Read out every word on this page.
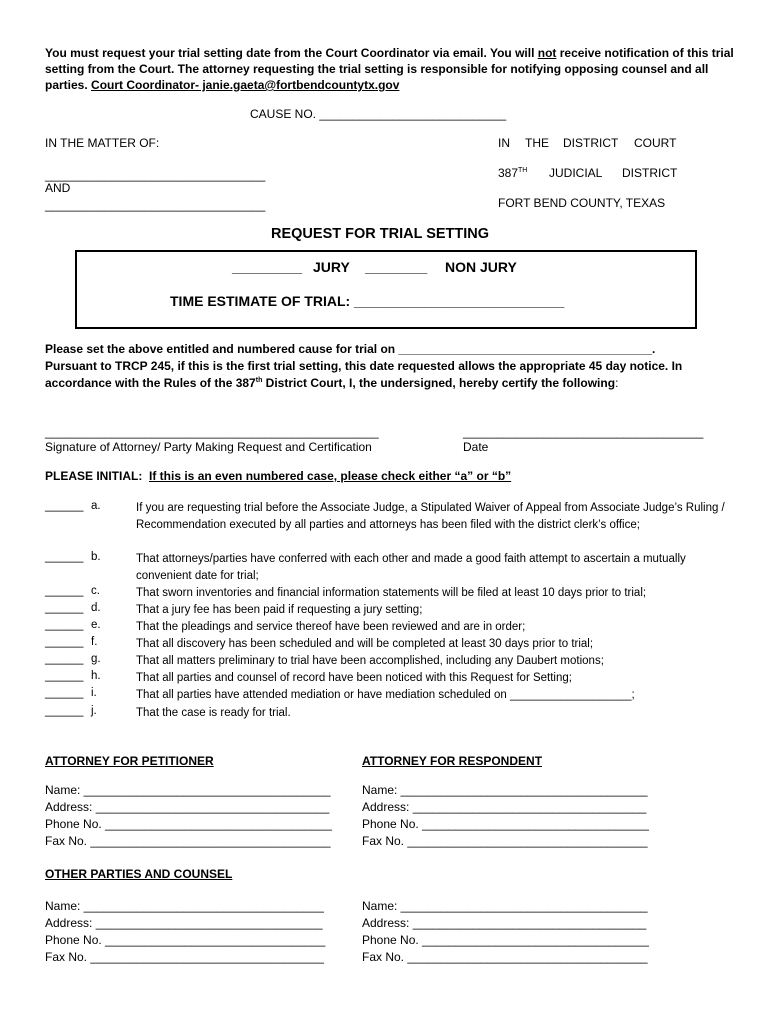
You must request your trial setting date from the Court Coordinator via email. You will not receive notification of this trial setting from the Court. The attorney requesting the trial setting is responsible for notifying opposing counsel and all parties. Court Coordinator- janie.gaeta@fortbendcountytx.gov
CAUSE NO. ____________________________
IN THE MATTER OF:
_________________________________
AND
_________________________________
IN THE DISTRICT COURT
387TH JUDICIAL DISTRICT
FORT BEND COUNTY, TEXAS
REQUEST FOR TRIAL SETTING
_________ JURY ________ NON JURY
TIME ESTIMATE OF TRIAL: ___________________________
Please set the above entitled and numbered cause for trial on ______________________________________.
Pursuant to TRCP 245, if this is the first trial setting, this date requested allows the appropriate 45 day notice. In
accordance with the Rules of the 387th District Court, I, the undersigned, hereby certify the following:
__________________________________________________
Signature of Attorney/ Party Making Request and Certification
____________________________________
Date
PLEASE INITIAL: If this is an even numbered case, please check either “a” or “b”
______ a.	If you are requesting trial before the Associate Judge, a Stipulated Waiver of Appeal from Associate Judge’s Ruling / Recommendation executed by all parties and attorneys has been filed with the district clerk’s office;
______ b.	That attorneys/parties have conferred with each other and made a good faith attempt to ascertain a mutually convenient date for trial;
______ c.	That sworn inventories and financial information statements will be filed at least 10 days prior to trial;
______ d.	That a jury fee has been paid if requesting a jury setting;
______ e.	That the pleadings and service thereof have been reviewed and are in order;
______ f.	That all discovery has been scheduled and will be completed at least 30 days prior to trial;
______ g.	That all matters preliminary to trial have been accomplished, including any Daubert motions;
______ h.	That all parties and counsel of record have been noticed with this Request for Setting;
______ i.	That all parties have attended mediation or have mediation scheduled on ___________________;
______ j.	That the case is ready for trial.
ATTORNEY FOR PETITIONER
Name: _____________________________________
Address: ___________________________________
Phone No. __________________________________
Fax No. ____________________________________
ATTORNEY FOR RESPONDENT
Name: _____________________________________
Address: ___________________________________
Phone No. __________________________________
Fax No. ____________________________________
OTHER PARTIES AND COUNSEL
Name: ____________________________________
Address: __________________________________
Phone No. _________________________________
Fax No. ___________________________________
Name: _____________________________________
Address: ___________________________________
Phone No. __________________________________
Fax No. ____________________________________
